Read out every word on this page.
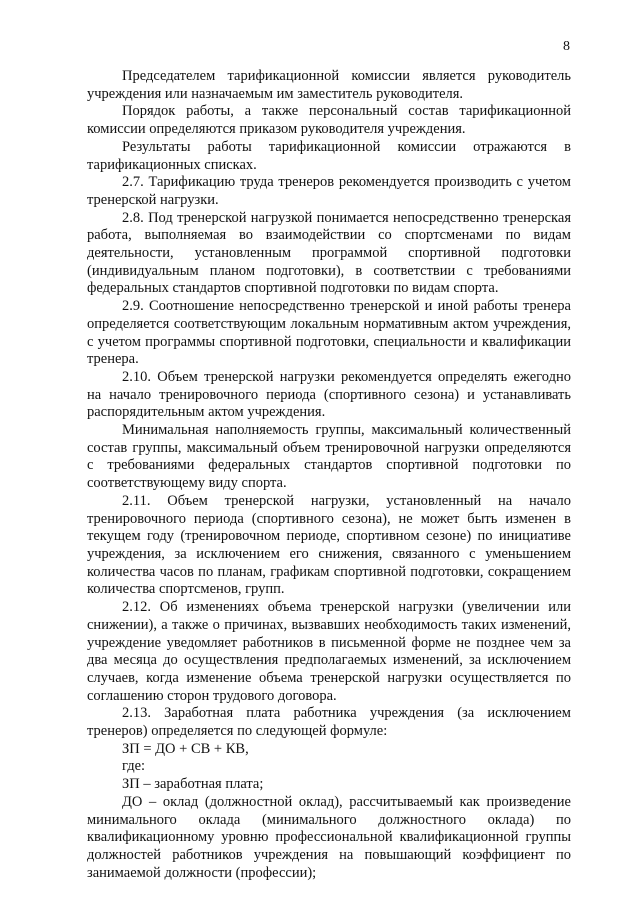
8

Председателем тарификационной комиссии является руководитель учреждения или назначаемым им заместитель руководителя.

Порядок работы, а также персональный состав тарификационной комиссии определяются приказом руководителя учреждения.

Результаты работы тарификационной комиссии отражаются в тарификационных списках.

2.7. Тарификацию труда тренеров рекомендуется производить с учетом тренерской нагрузки.

2.8. Под тренерской нагрузкой понимается непосредственно тренерская работа, выполняемая во взаимодействии со спортсменами по видам деятельности, установленным программой спортивной подготовки (индивидуальным планом подготовки), в соответствии с требованиями федеральных стандартов спортивной подготовки по видам спорта.

2.9. Соотношение непосредственно тренерской и иной работы тренера определяется соответствующим локальным нормативным актом учреждения, с учетом программы спортивной подготовки, специальности и квалификации тренера.

2.10. Объем тренерской нагрузки рекомендуется определять ежегодно на начало тренировочного периода (спортивного сезона) и устанавливать распорядительным актом учреждения.

Минимальная наполняемость группы, максимальный количественный состав группы, максимальный объем тренировочной нагрузки определяются с требованиями федеральных стандартов спортивной подготовки по соответствующему виду спорта.

2.11. Объем тренерской нагрузки, установленный на начало тренировочного периода (спортивного сезона), не может быть изменен в текущем году (тренировочном периоде, спортивном сезоне) по инициативе учреждения, за исключением его снижения, связанного с уменьшением количества часов по планам, графикам спортивной подготовки, сокращением количества спортсменов, групп.

2.12. Об изменениях объема тренерской нагрузки (увеличении или снижении), а также о причинах, вызвавших необходимость таких изменений, учреждение уведомляет работников в письменной форме не позднее чем за два месяца до осуществления предполагаемых изменений, за исключением случаев, когда изменение объема тренерской нагрузки осуществляется по соглашению сторон трудового договора.

2.13. Заработная плата работника учреждения (за исключением тренеров) определяется по следующей формуле:

ЗП = ДО + СВ + КВ,

где:

ЗП – заработная плата;

ДО – оклад (должностной оклад), рассчитываемый как произведение минимального оклада (минимального должностного оклада) по квалификационному уровню профессиональной квалификационной группы должностей работников учреждения на повышающий коэффициент по занимаемой должности (профессии);
